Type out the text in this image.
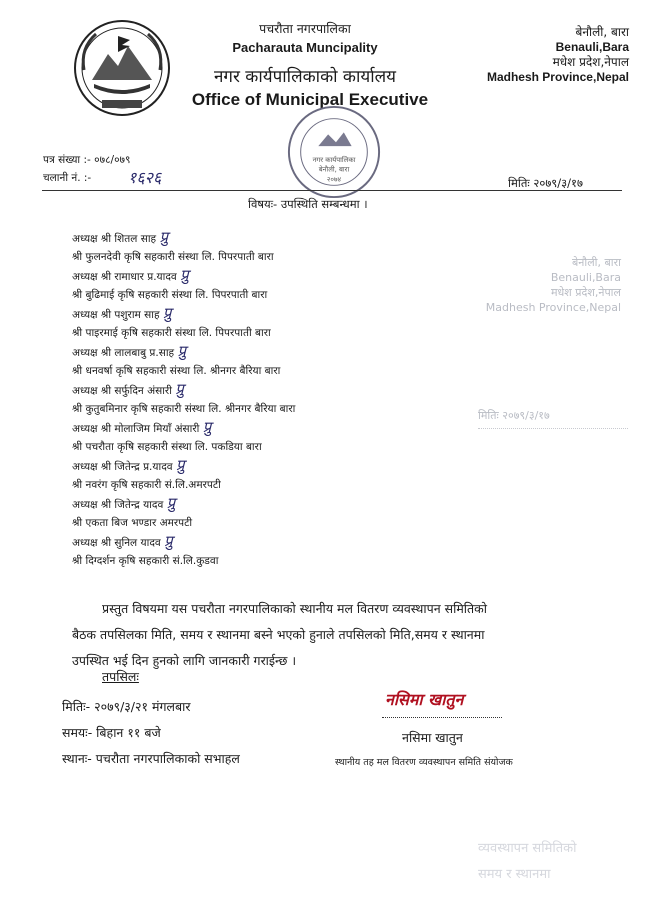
पचरौता नगरपालिका
Pacharauta Muncipality
नगर कार्यपालिकाको कार्यालय
Office of Municipal Executive
बेनौली, बारा
Benauli,Bara
मधेश प्रदेश,नेपाल
Madhesh Province,Nepal
नगर कार्यपालिका
बेनौली, बारा
२०७४
पत्र संख्या :- ०७८/०७९
चलानी नं. :- १६२६	मितिः २०७९/३/१७
विषयः- उपस्थिति सम्बन्धमा ।
अध्यक्ष श्री शितल साह प्रु
श्री फुलनदेवी कृषि सहकारी संस्था लि. पिपरपाती बारा
अध्यक्ष श्री रामाधार प्र.यादव प्रु
श्री बुढिमाई कृषि सहकारी संस्था लि. पिपरपाती बारा
अध्यक्ष श्री पशुराम साह प्रु
श्री पाइरमाई कृषि सहकारी संस्था लि. पिपरपाती बारा
अध्यक्ष श्री लालबाबु प्र.साह प्रु
श्री धनवर्षा कृषि सहकारी संस्था लि. श्रीनगर बैरिया बारा
अध्यक्ष श्री सर्फुदिन अंसारी प्रु
श्री कुतुबमिनार कृषि सहकारी संस्था लि. श्रीनगर बैरिया बारा
अध्यक्ष श्री मोलाजिम मियाँ अंसारी प्रु
श्री पचरौता कृषि सहकारी संस्था लि. पकडिया बारा
अध्यक्ष श्री जितेन्द्र प्र.यादव प्रु
श्री नवरंग कृषि सहकारी सं.लि.अमरपटी
अध्यक्ष श्री जितेन्द्र यादव प्रु
श्री एकता बिज भण्डार अमरपटी
अध्यक्ष श्री सुनिल यादव प्रु
श्री दिग्दर्शन कृषि सहकारी सं.लि.कुडवा
बेनौली, बारा
Benauli,Bara
मधेश प्रदेश,नेपाल
Madhesh Province,Nepal
मितिः २०७९/३/१७
प्रस्तुत विषयमा यस पचरौता नगरपालिकाको स्थानीय मल वितरण व्यवस्थापन समितिको
बैठक तपसिलका मिति, समय र स्थानमा बस्ने भएको हुनाले तपसिलको मिति,समय र स्थानमा
उपस्थित भई दिन हुनको लागि जानकारी गराईन्छ ।
तपसिलः
मितिः- २०७९/३/२१ मंगलबार
समयः- बिहान ११ बजे
स्थानः- पचरौता नगरपालिकाको सभाहल
नसिमा खातुन
नसिमा खातुन
स्थानीय तह मल वितरण व्यवस्थापन समिति संयोजक
व्यवस्थापन समितिको
समय र स्थानमा
